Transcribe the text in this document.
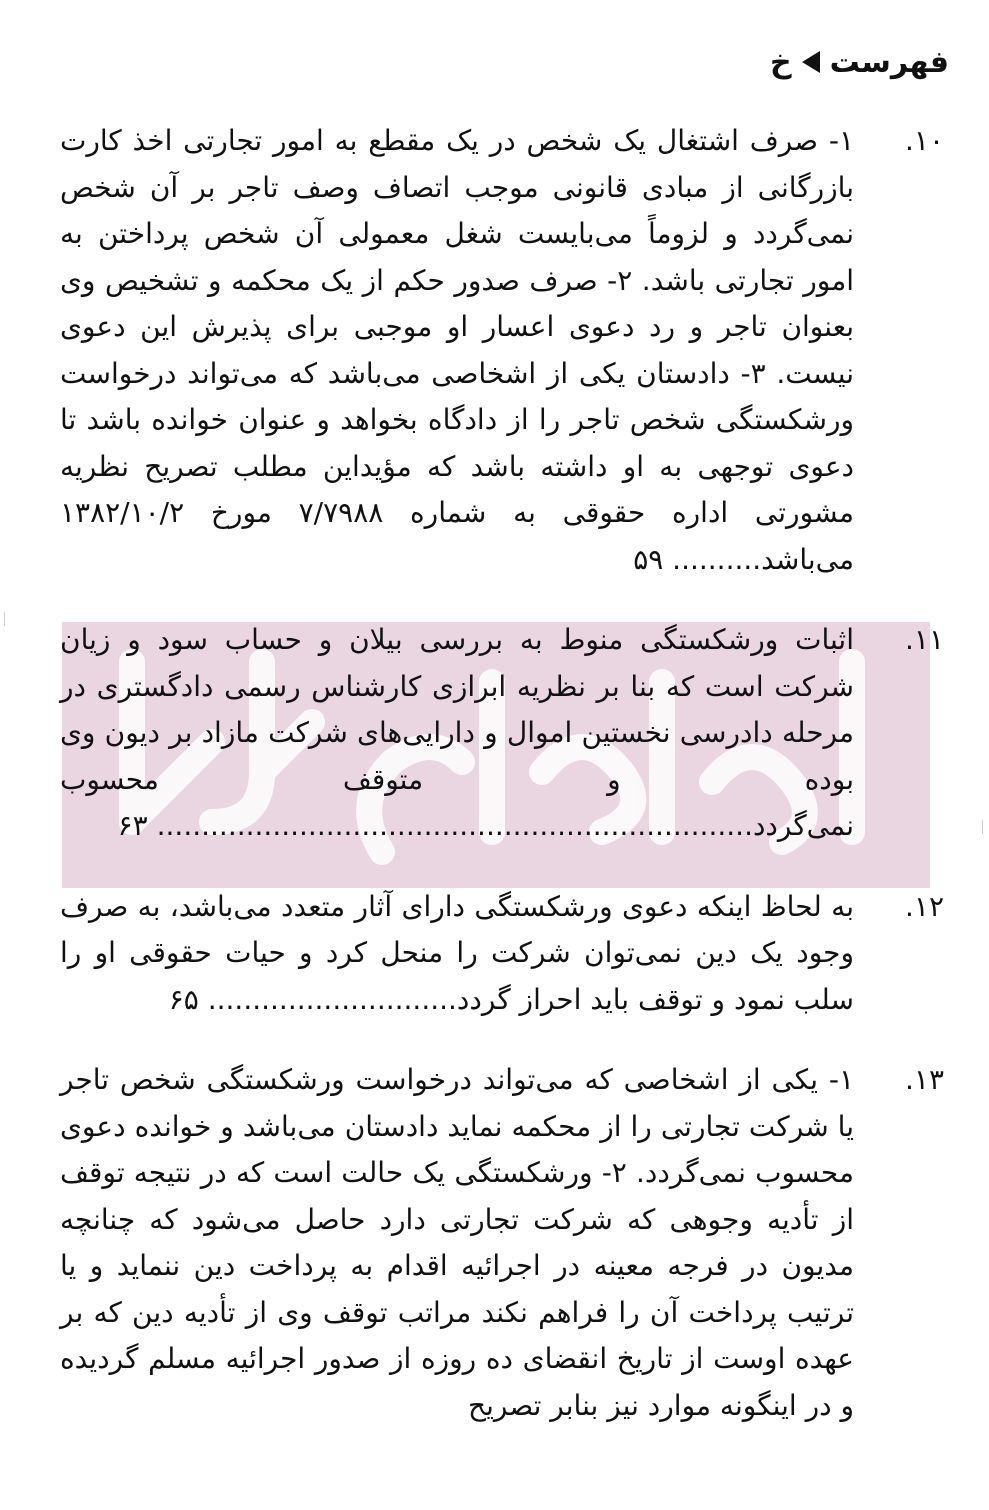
فهرست
خ
۱۰.
۱- صرف اشتغال یک شخص در یک مقطع به امور تجارتی اخذ کارت بازرگانی از مبادی قانونی موجب اتصاف وصف تاجر بر آن شخص نمی‌گردد و لزوماً می‌بایست شغل معمولی آن شخص پرداختن به امور تجارتی باشد. ۲- صرف صدور حکم از یک محکمه و تشخیص وی بعنوان تاجر و رد دعوی اعسار او موجبی برای پذیرش این دعوی نیست. ۳- دادستان یکی از اشخاصی می‌باشد که می‌تواند درخواست ورشکستگی شخص تاجر را از دادگاه بخواهد و عنوان خوانده باشد تا دعوی توجهی به او داشته باشد که مؤیداین مطلب تصریح نظریه مشورتی اداره حقوقی به شماره ۷/۷۹۸۸ مورخ ۱۳۸۲/۱۰/۲ می‌باشد.......... ۵۹
۱۱.
اثبات ورشکستگی منوط به بررسی بیلان و حساب سود و زیان شرکت است که بنا بر نظریه ابرازی کارشناس رسمی دادگستری در مرحله دادرسی نخستین اموال و دارایی‌های شرکت مازاد بر دیون وی بوده و متوقف محسوب نمی‌گردد................................................................... ۶۳
۱۲.
به لحاظ اینکه دعوی ورشکستگی دارای آثار متعدد می‌باشد، به صرف وجود یک دین نمی‌توان شرکت را منحل کرد و حیات حقوقی او را سلب نمود و توقف باید احراز گردد............................ ۶۵
۱۳.
۱- یکی از اشخاصی که می‌تواند درخواست ورشکستگی شخص تاجر یا شرکت تجارتی را از محکمه نماید دادستان می‌باشد و خوانده دعوی محسوب نمی‌گردد. ۲- ورشکستگی یک حالت است که در نتیجه توقف از تأدیه وجوهی که شرکت تجارتی دارد حاصل می‌شود که چنانچه مدیون در فرجه معینه در اجرائیه اقدام به پرداخت دین ننماید و یا ترتیب پرداخت آن را فراهم نکند مراتب توقف وی از تأدیه دین که بر عهده اوست از تاریخ انقضای ده روزه از صدور اجرائیه مسلم گردیده و در اینگونه موارد نیز بنابر تصریح
